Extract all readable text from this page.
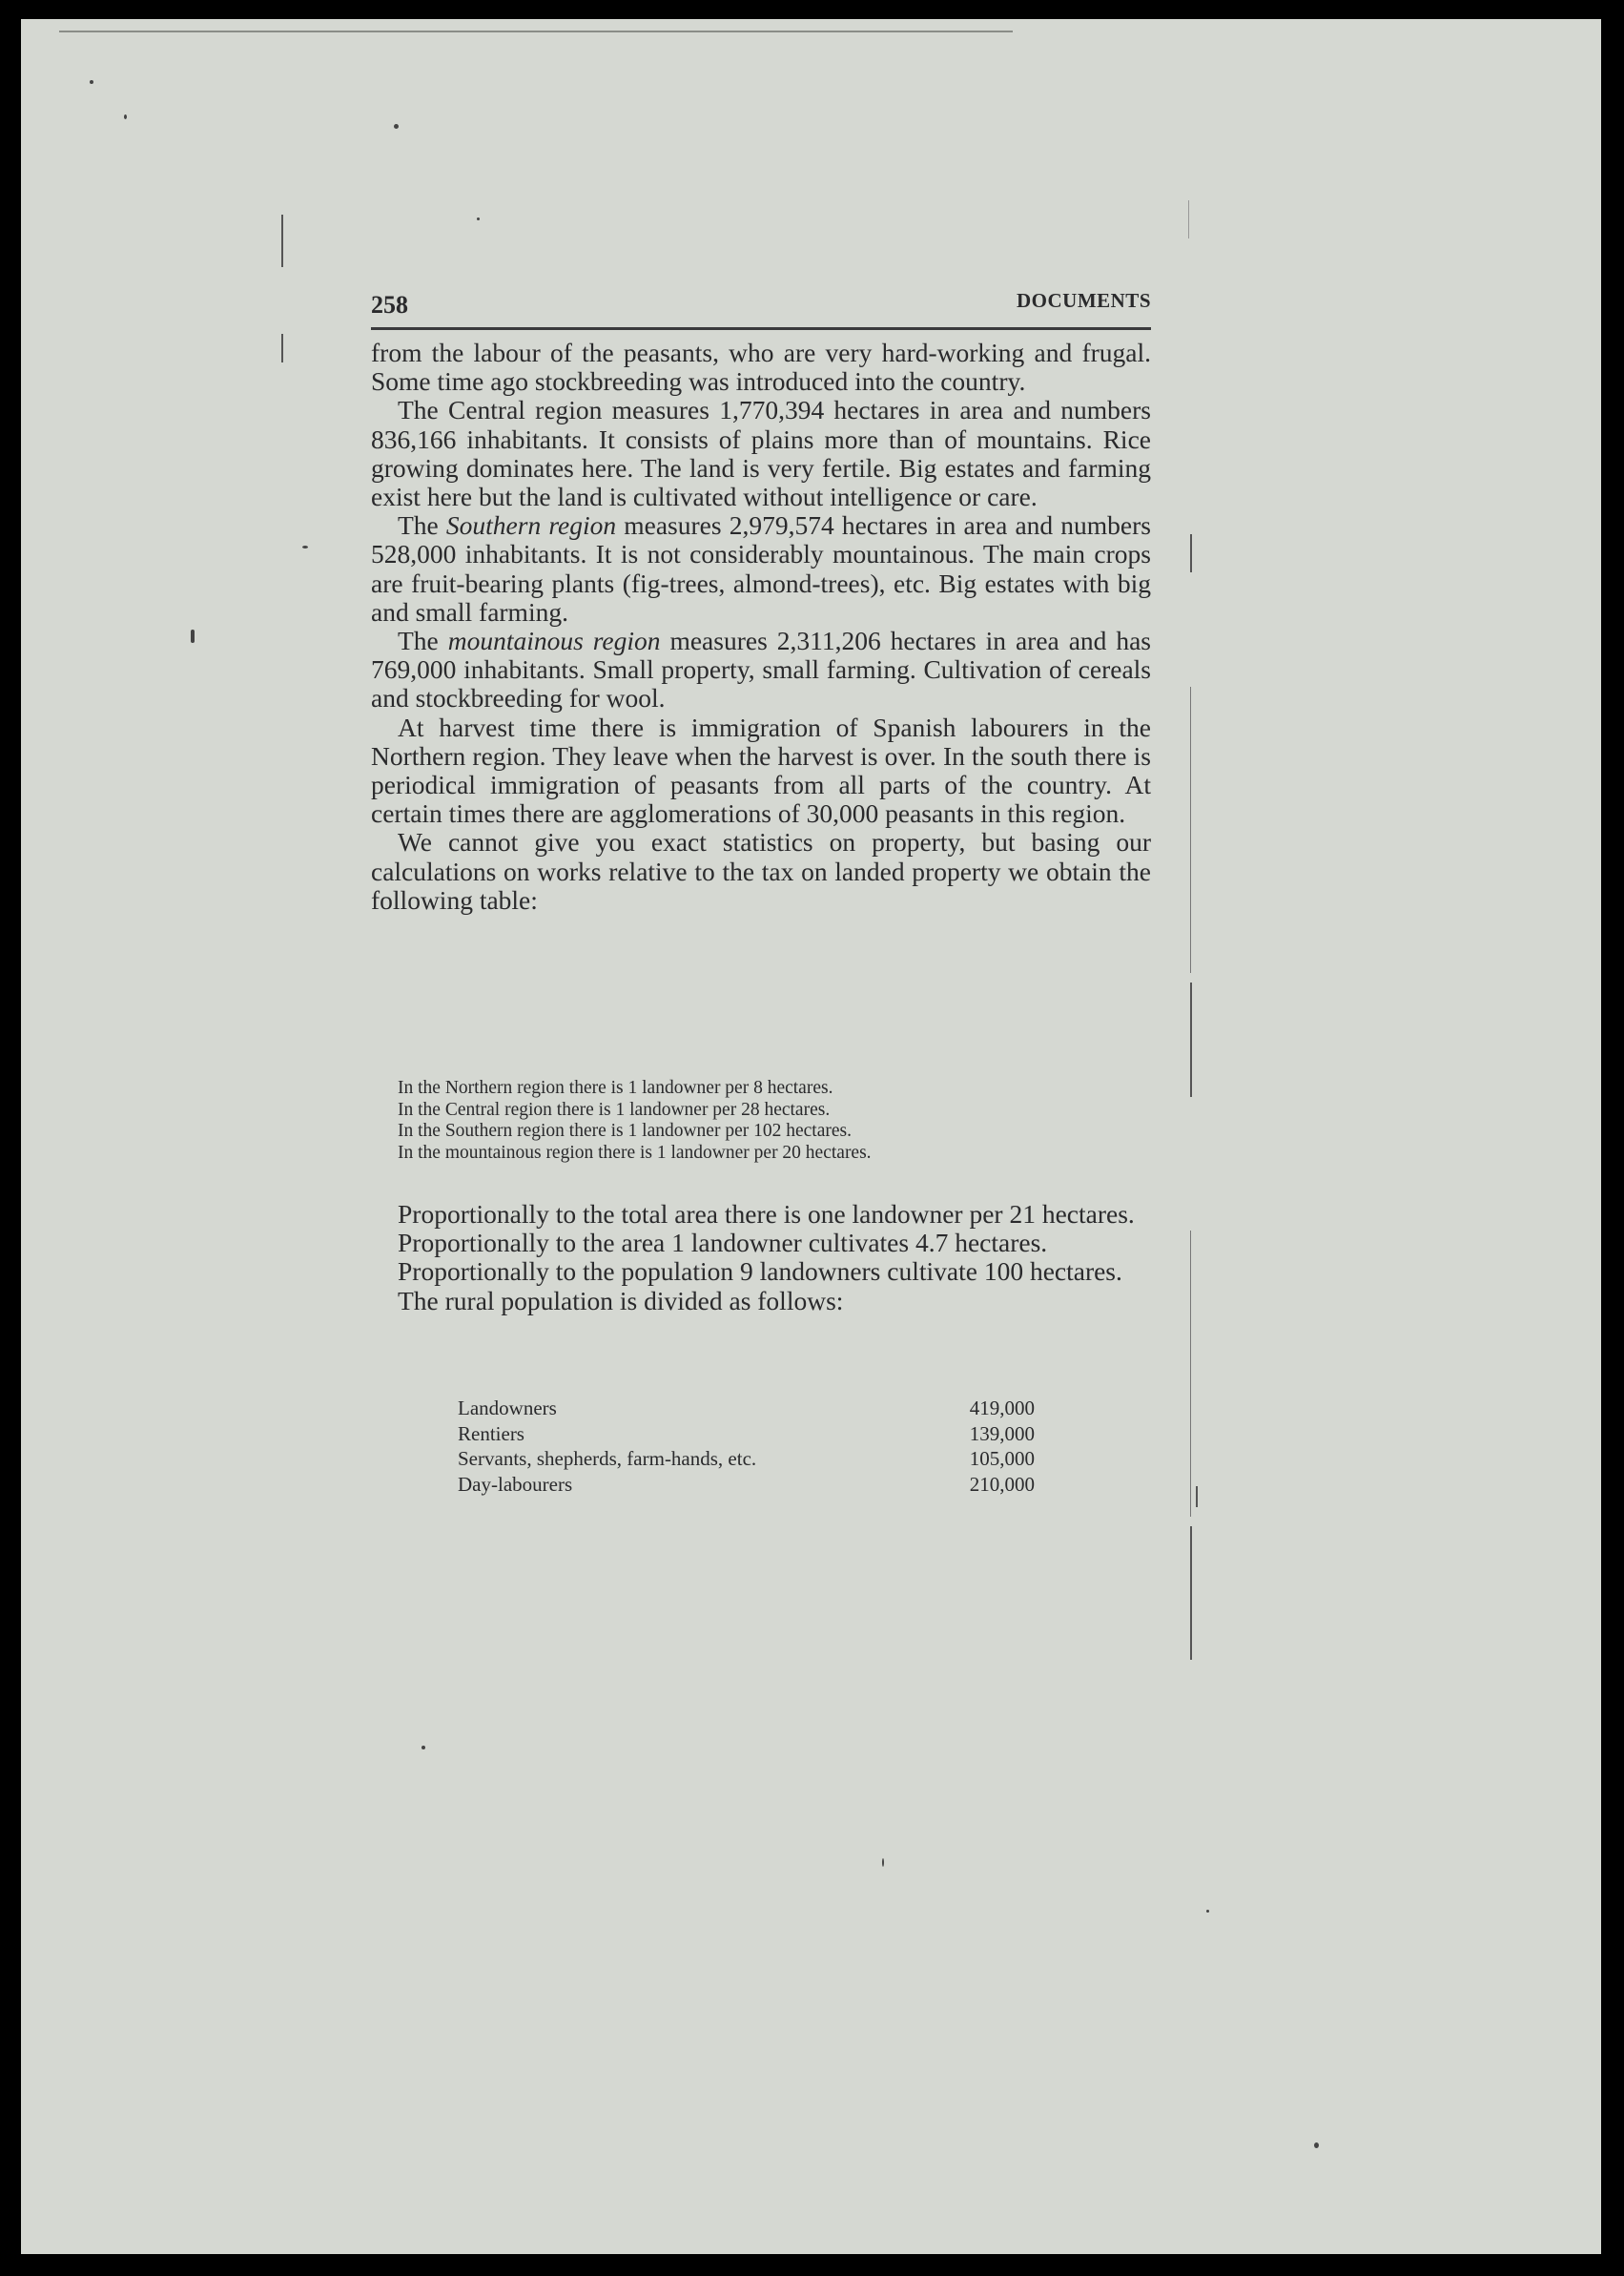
258	DOCUMENTS

from the labour of the peasants, who are very hard-working and frugal. Some time ago stockbreeding was introduced into the country.

The Central region measures 1,770,394 hectares in area and numbers 836,166 inhabitants. It consists of plains more than of mountains. Rice growing dominates here. The land is very fertile. Big estates and farming exist here but the land is cultivated without intelligence or care.

The Southern region measures 2,979,574 hectares in area and numbers 528,000 inhabitants. It is not considerably mountainous. The main crops are fruit-bearing plants (fig-trees, almond-trees), etc. Big estates with big and small farming.

The mountainous region measures 2,311,206 hectares in area and has 769,000 inhabitants. Small property, small farming. Cultivation of cereals and stockbreeding for wool.

At harvest time there is immigration of Spanish labourers in the Northern region. They leave when the harvest is over. In the south there is periodical immigration of peasants from all parts of the country. At certain times there are agglomerations of 30,000 peasants in this region.

We cannot give you exact statistics on property, but basing our calculations on works relative to the tax on landed property we obtain the following table:

In the Northern region there is 1 landowner per 8 hectares.
In the Central region there is 1 landowner per 28 hectares.
In the Southern region there is 1 landowner per 102 hectares.
In the mountainous region there is 1 landowner per 20 hectares.

Proportionally to the total area there is one landowner per 21 hectares.

Proportionally to the area 1 landowner cultivates 4.7 hectares.

Proportionally to the population 9 landowners cultivate 100 hectares.

The rural population is divided as follows:

Landowners	419,000
Rentiers	139,000
Servants, shepherds, farm-hands, etc.	105,000
Day-labourers	210,000
